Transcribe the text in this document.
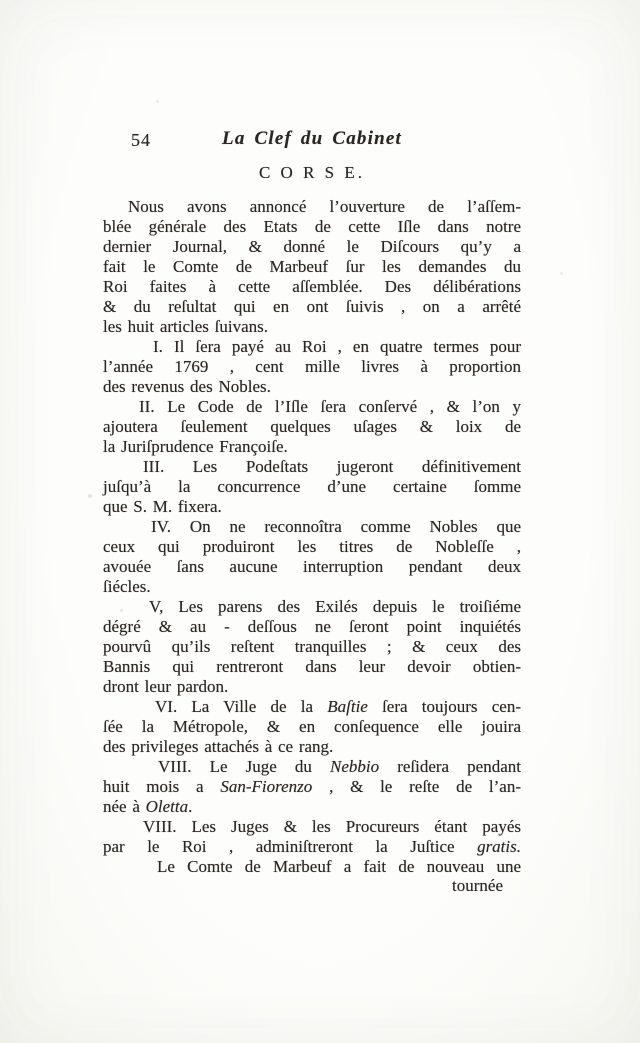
54	La Clef du Cabinet
C O R S E.
Nous avons annoncé l’ouverture de l’aſſem-
blée générale des Etats de cette Iſle dans notre
dernier Journal, & donné le Diſcours qu’y a
fait le Comte de Marbeuf ſur les demandes du
Roi faites à cette aſſemblée. Des délibérations
& du reſultat qui en ont ſuivis , on a arrêté
les huit articles ſuivans.
I. Il ſera payé au Roi , en quatre termes pour
l’année 1769 , cent mille livres à proportion
des revenus des Nobles.
II. Le Code de l’Iſle ſera conſervé , & l’on y
ajoutera ſeulement quelques uſages & loix de
la Juriſprudence Françoiſe.
III. Les Podeſtats jugeront définitivement
juſqu’à la concurrence d’une certaine ſomme
que S. M. fixera.
IV. On ne reconnoîtra comme Nobles que
ceux qui produiront les titres de Nobleſſe ,
avouée ſans aucune interruption pendant deux
ſiécles.
V, Les parens des Exilés depuis le troiſiéme
dégré & au - deſſous ne ſeront point inquiétés
pourvû qu’ils reſtent tranquilles ; & ceux des
Bannis qui rentreront dans leur devoir obtien-
dront leur pardon.
VI. La Ville de la Baſtie ſera toujours cen-
ſée la Métropole, & en conſequence elle jouira
des privileges attachés à ce rang.
VIII. Le Juge du Nebbio reſidera pendant
huit mois a San-Fiorenzo , & le reſte de l’an-
née à Oletta.
VIII. Les Juges & les Procureurs étant payés
par le Roi , adminiſtreront la Juſtice gratis.
Le Comte de Marbeuf a fait de nouveau une
tournée
